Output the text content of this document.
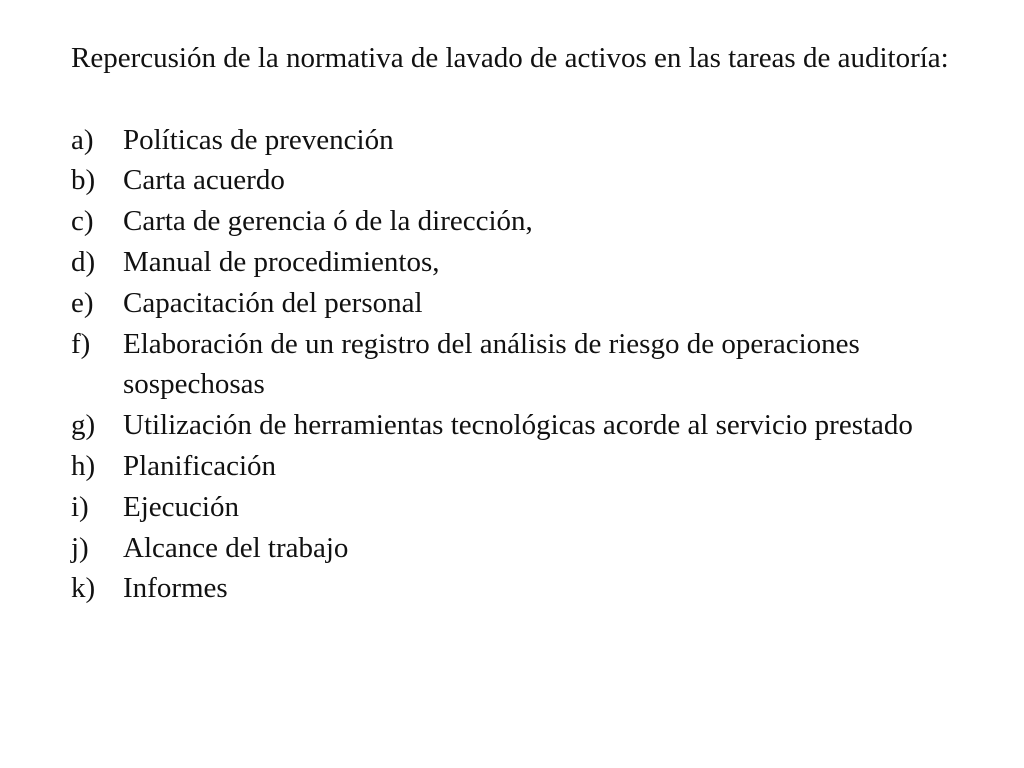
Repercusión de la normativa de lavado de activos en las tareas de auditoría:

a)	Políticas de prevención
b) Carta acuerdo
c)	Carta de gerencia ó de la dirección,
d) Manual de procedimientos,
e)	Capacitación del personal
f)	Elaboración de un registro del análisis de riesgo de operaciones sospechosas
g) Utilización de herramientas tecnológicas acorde al servicio prestado
h) Planificación
i)	Ejecución
j)	Alcance del trabajo
k) Informes
